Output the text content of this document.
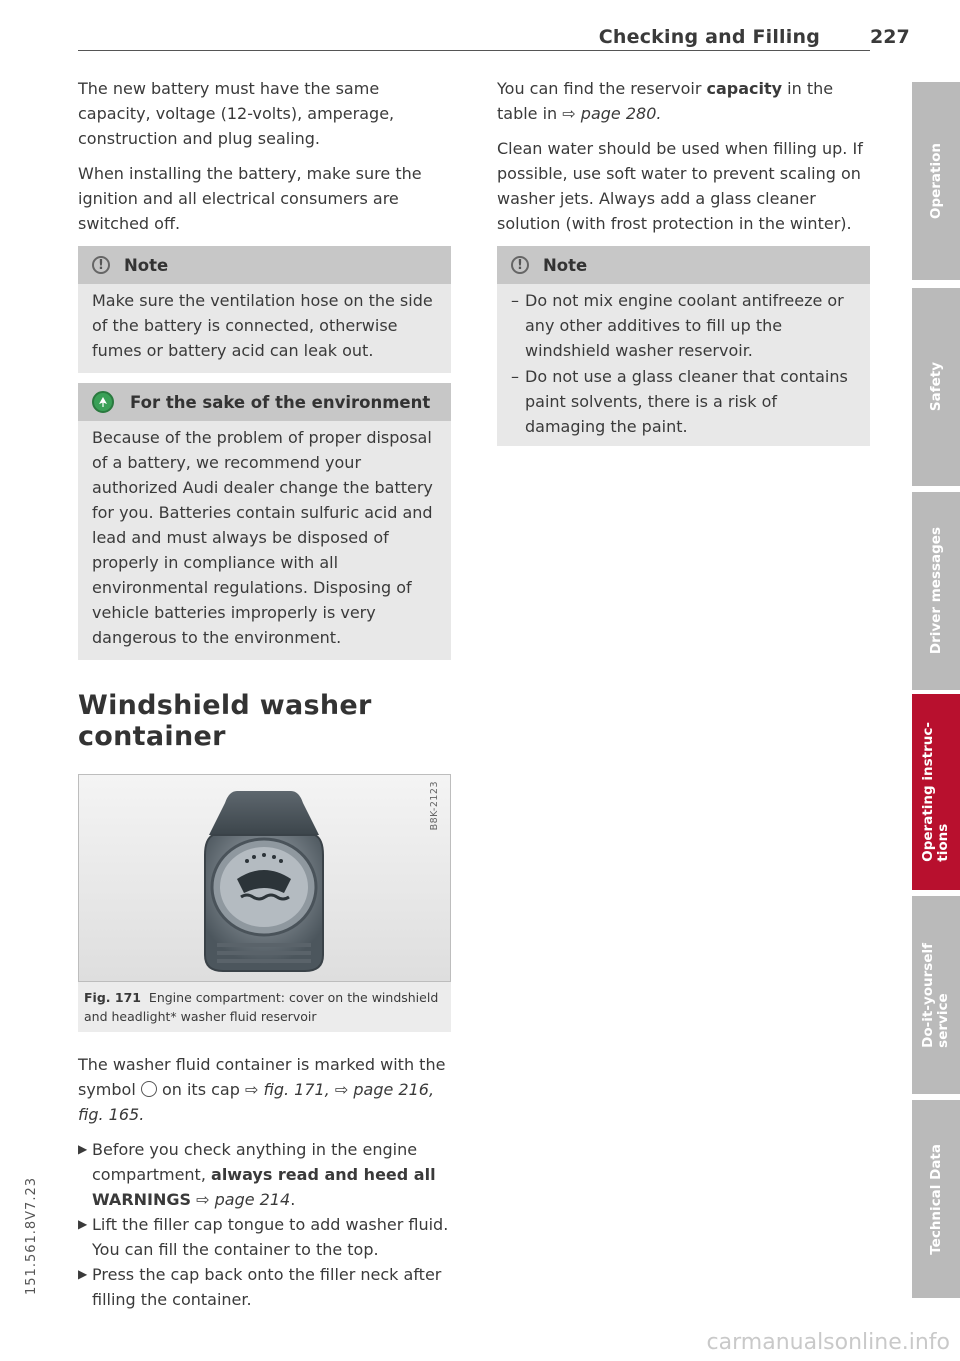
Checking and Filling	227

The new battery must have the same capacity, voltage (12-volts), amperage, construction and plug sealing.

When installing the battery, make sure the ignition and all electrical consumers are switched off.

!	Note

Make sure the ventilation hose on the side of the battery is connected, otherwise fumes or battery acid can leak out.

For the sake of the environment

Because of the problem of proper disposal of a battery, we recommend your authorized Audi dealer change the battery for you. Batteries contain sulfuric acid and lead and must always be disposed of properly in compliance with all environmental regulations. Disposing of vehicle batteries improperly is very dangerous to the environment.

Windshield washer container
B8K-2123
Fig. 171 Engine compartment: cover on the windshield and headlight* washer fluid reservoir

The washer fluid container is marked with the symbol on its cap ⇨ fig. 171, ⇨ page 216, fig. 165.

▶ Before you check anything in the engine compartment, always read and heed all WARNINGS ⇨ page 214.
▶ Lift the filler cap tongue to add washer fluid. You can fill the container to the top.
▶ Press the cap back onto the filler neck after filling the container.

You can find the reservoir capacity in the table in ⇨ page 280.

Clean water should be used when filling up. If possible, use soft water to prevent scaling on washer jets. Always add a glass cleaner solution (with frost protection in the winter).

!	Note
– Do not mix engine coolant antifreeze or any other additives to fill up the windshield washer reservoir.
– Do not use a glass cleaner that contains paint solvents, there is a risk of damaging the paint.
Operation
Safety
Driver messages
Operating instruc-
tions
Do-it-yourself
service
Technical Data
151.561.8V7.23
carmanualsonline.info
